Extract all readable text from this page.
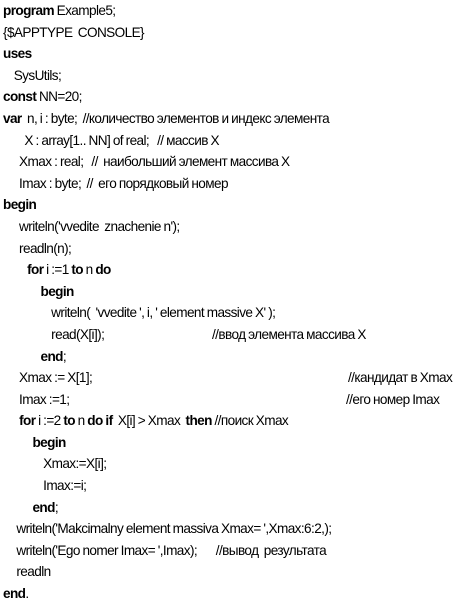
program Example5;
{$APPTYPE  CONSOLE}
uses
SysUtils;
const NN=20;
var n, i : byte;  //количество элементов и индекс элемента
X : array[1.. NN] of real;   // массив X
Xmax : real;   //  наибольший элемент массива X
Imax : byte;  //  его порядковый номер
begin
writeln('vvedite  znachenie n');
readln(n);

for i :=1 to n do

begin
writeln(  'vvedite ', i, ' element massive X' );
read(X[i]);	//ввод элемента массива X

end ;
Xmax := X[1];	//кандидат в Xmax
Imax :=1;	//его номер Imax

for i :=2 to n do
if X[i] > Xmax then //поиск Xmax

begin
Xmax:=X[i];
Imax:=i;

end ;
writeln('Makcimalny element massiva Xmax= ',Xmax:6:2,);
writeln('Ego nomer Imax= ',Imax);       //вывод  результата
readln
end .
